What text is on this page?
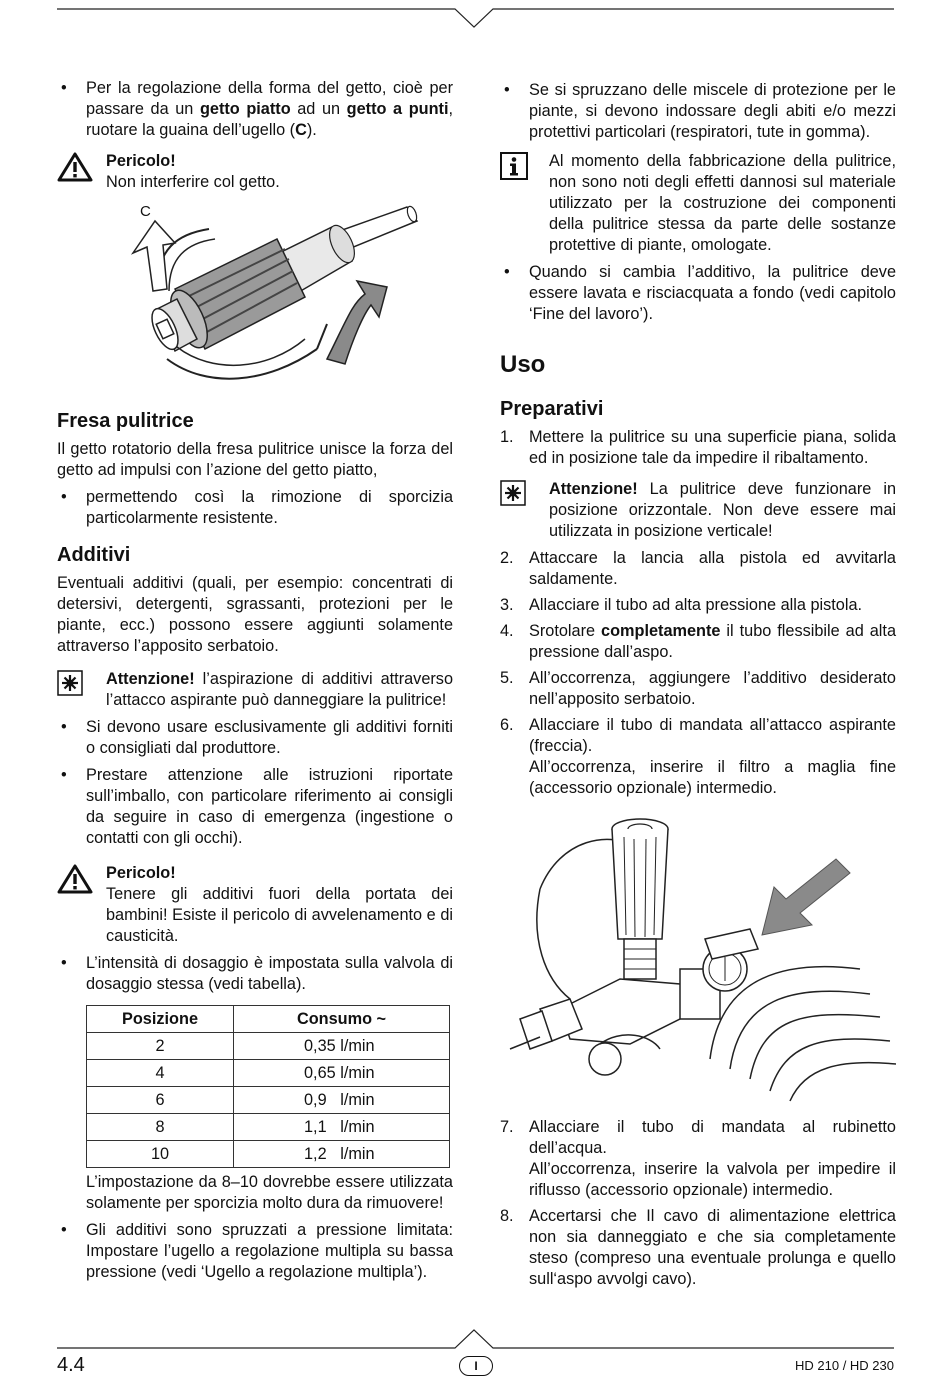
• Per la regolazione della forma del getto, cioè per passare da un getto piatto ad un getto a punti, ruotare la guaina dell’ugello (C).
Pericolo!
Non interferire col getto.
C
Fresa pulitrice

Il getto rotatorio della fresa pulitrice unisce la forza del getto ad impulsi con l’azione del getto piatto,

• permettendo così la rimozione di sporcizia particolarmente resistente.
Additivi

Eventuali additivi (quali, per esempio: concentrati di detersivi, detergenti, sgrassanti, protezioni per le piante, ecc.) possono essere aggiunti solamente attraverso l’apposito serbatoio.

Attenzione! l’aspirazione di additivi attraverso l’attacco aspirante può danneggiare la pulitrice!
• Si devono usare esclusivamente gli additivi forniti o consigliati dal produttore.
• Prestare attenzione alle istruzioni riportate sull’imballo, con particolare riferimento ai consigli da seguire in caso di emergenza (ingestione o contatti con gli occhi).
Pericolo!
Tenere gli additivi fuori della portata dei bambini! Esiste il pericolo di avvelenamento e di causticità.
• L’intensità di dosaggio è impostata sulla valvola di dosaggio stessa (vedi tabella).
Posizione	Consumo ~
2	0,35 l/min
4	0,65 l/min
6	0,9   l/min
8	1,1   l/min
10	1,2   l/min

L’impostazione da 8–10 dovrebbe essere utilizzata solamente per sporcizia molto dura da rimuovere!

• Gli additivi sono spruzzati a pressione limitata: Impostare l’ugello a regolazione multipla su bassa pressione (vedi ‘Ugello a regolazione multipla’).
• Se si spruzzano delle miscele di protezione per le piante, si devono indossare degli abiti e/o mezzi protettivi particolari (respiratori, tute in gomma).
Al momento della fabbricazione della pulitrice, non sono noti degli effetti dannosi sul materiale utilizzato per la costruzione dei componenti della pulitrice stessa da parte delle sostanze protettive di piante, omologate.
• Quando si cambia l’additivo, la pulitrice deve essere lavata e risciacquata a fondo (vedi capitolo ‘Fine del lavoro’).
Uso
Preparativi
1. Mettere la pulitrice su una superficie piana, solida ed in posizione tale da impedire il ribaltamento.
Attenzione! La pulitrice deve funzionare in posizione orizzontale. Non deve essere mai utilizzata in posizione verticale!
2. Attaccare la lancia alla pistola ed avvitarla saldamente.
3. Allacciare il tubo ad alta pressione alla pistola.
4. Srotolare completamente il tubo flessibile ad alta pressione dall’aspo.
5. All’occorrenza, aggiungere l’additivo desiderato nell’apposito serbatoio.
6. Allacciare il tubo di mandata all’attacco aspirante (freccia).
All’occorrenza, inserire il filtro a maglia fine (accessorio opzionale) intermedio.
7. Allacciare il tubo di mandata al rubinetto dell’acqua.
All’occorrenza, inserire la valvola per impedire il riflusso (accessorio opzionale) intermedio.
8. Accertarsi che Il cavo di alimentazione elettrica non sia danneggiato e che sia completamente steso (compreso una eventuale prolunga e quello sull‘aspo avvolgi cavo).
4.4	I	HD 210 / HD 230
